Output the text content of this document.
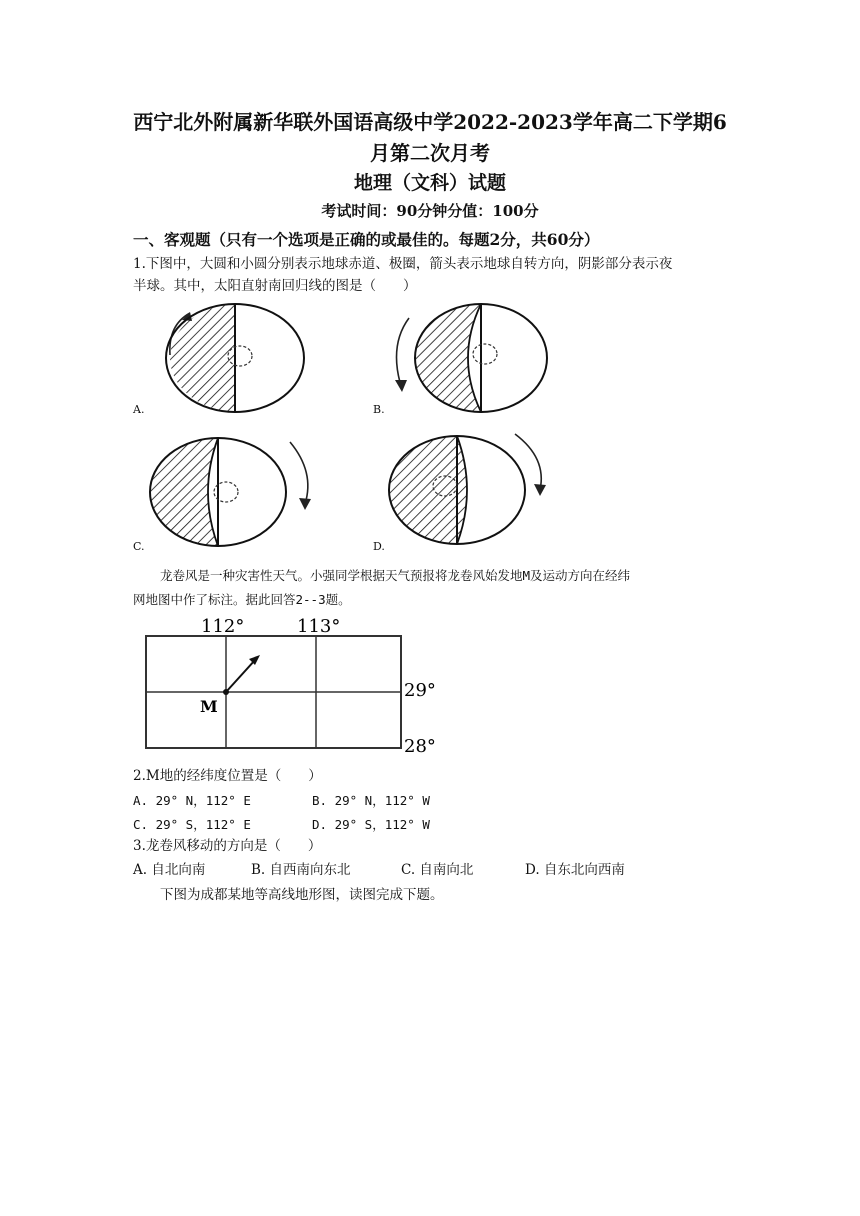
西宁北外附属新华联外国语高级中学2022-2023学年高二下学期6
月第二次月考
地理（文科）试题
考试时间：90分钟分值：100分
一、客观题（只有一个选项是正确的或最佳的。每题2分，共60分）
1.下图中，大圆和小圆分别表示地球赤道、极圈，箭头表示地球自转方向，阴影部分表示夜
半球。其中，太阳直射南回归线的图是（　　）
A.	B.
C.	D.
龙卷风是一种灾害性天气。小强同学根据天气预报将龙卷风始发地M及运动方向在经纬
网地图中作了标注。据此回答2--3题。
112°	113°
29°
28°
M
2.M地的经纬度位置是（　　）
A. 29° N，112° E	B. 29° N，112° W
C. 29° S，112° E	D. 29° S，112° W
3.龙卷风移动的方向是（　　）
A. 自北向南	B. 自西南向东北	C. 自南向北	D. 自东北向西南
下图为成都某地等高线地形图，读图完成下题。
